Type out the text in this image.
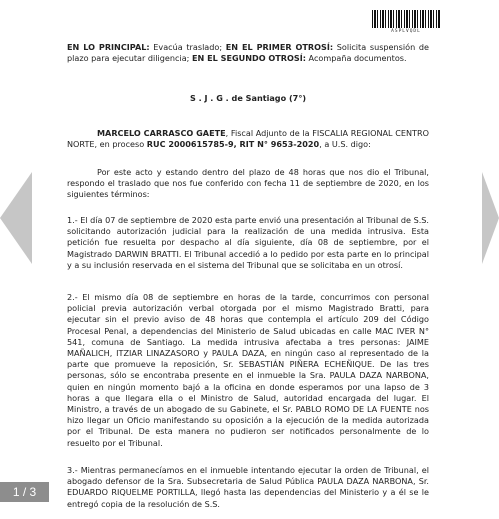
ASPLVQDL

EN LO PRINCIPAL: Evacúa traslado; EN EL PRIMER OTROSÍ: Solicita suspensión de plazo para ejecutar diligencia; EN EL SEGUNDO OTROSÍ: Acompaña documentos.

S . J . G . de Santiago (7°)

MARCELO CARRASCO GAETE, Fiscal Adjunto de la FISCALIA REGIONAL CENTRO NORTE, en proceso RUC 2000615785-9, RIT N° 9653-2020, a U.S. digo:

Por este acto y estando dentro del plazo de 48 horas que nos dio el Tribunal, respondo el traslado que nos fue conferido con fecha 11 de septiembre de 2020, en los siguientes términos:

1.- El día 07 de septiembre de 2020 esta parte envió una presentación al Tribunal de S.S. solicitando autorización judicial para la realización de una medida intrusiva. Esta petición fue resuelta por despacho al día siguiente, día 08 de septiembre, por el Magistrado DARWIN BRATTI. El Tribunal accedió a lo pedido por esta parte en lo principal y a su inclusión reservada en el sistema del Tribunal que se solicitaba en un otrosí.

2.- El mismo día 08 de septiembre en horas de la tarde, concurrimos con personal policial previa autorización verbal otorgada por el mismo Magistrado Bratti, para ejecutar sin el previo aviso de 48 horas que contempla el artículo 209 del Código Procesal Penal, a dependencias del Ministerio de Salud ubicadas en calle MAC IVER N° 541, comuna de Santiago. La medida intrusiva afectaba a tres personas: JAIME MAÑALICH, ITZIAR LINAZASORO y PAULA DAZA, en ningún caso al representado de la parte que promueve la reposición, Sr. SEBASTIÁN PIÑERA ECHEÑIQUE. De las tres personas, sólo se encontraba presente en el inmueble la Sra. PAULA DAZA NARBONA, quien en ningún momento bajó a la oficina en donde esperamos por una lapso de 3 horas a que llegara ella o el Ministro de Salud, autoridad encargada del lugar. El Ministro, a través de un abogado de su Gabinete, el Sr. PABLO ROMO DE LA FUENTE nos hizo llegar un Oficio manifestando su oposición a la ejecución de la medida autorizada por el Tribunal. De esta manera no pudieron ser notificados personalmente de lo resuelto por el Tribunal.

3.- Mientras permanecíamos en el inmueble intentando ejecutar la orden de Tribunal, el abogado defensor de la Sra. Subsecretaria de Salud Pública PAULA DAZA NARBONA, Sr. EDUARDO RIQUELME PORTILLA, llegó hasta las dependencias del Ministerio y a él se le entregó copia de la resolución de S.S.

1 / 3
